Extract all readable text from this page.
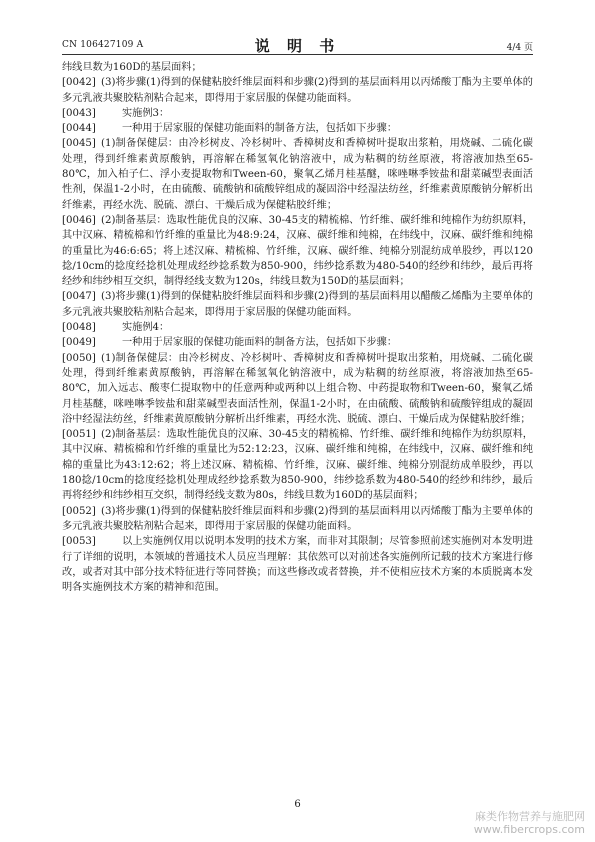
CN 106427109 A	说 明 书	4/4 页

纬线旦数为160D的基层面料；

[0042] (3)将步骤(1)得到的保健粘胶纤维层面料和步骤(2)得到的基层面料用以丙烯酸丁酯为主要单体的多元乳液共聚胶粘剂粘合起来，即得用于家居服的保健功能面料。

[0043]	实施例3：

[0044]	一种用于居家服的保健功能面料的制备方法，包括如下步骤：

[0045] (1)制备保健层：由冷杉树皮、冷杉树叶、香樟树皮和香樟树叶提取出浆粕，用烧碱、二硫化碳处理，得到纤维素黄原酸钠，再溶解在稀氢氧化钠溶液中，成为粘稠的纺丝原液，将溶液加热至65-80℃，加入柏子仁、浮小麦提取物和Tween-60，聚氧乙烯月桂基醚，咪唑啉季铵盐和甜菜碱型表面活性剂，保温1-2小时，在由硫酸、硫酸钠和硫酸锌组成的凝固浴中经湿法纺丝，纤维素黄原酸钠分解析出纤维素，再经水洗、脱硫、漂白、干燥后成为保健粘胶纤维；

[0046] (2)制备基层：选取性能优良的汉麻、30-45支的精梳棉、竹纤维、碳纤维和纯棉作为纺织原料，其中汉麻、精梳棉和竹纤维的重量比为48:9:24，汉麻、碳纤维和纯棉，在纬线中，汉麻、碳纤维和纯棉的重量比为46:6:65；将上述汉麻、精梳棉、竹纤维，汉麻、碳纤维、纯棉分别混纺成单股纱，再以120捻/10cm的捻度经捻机处理成经纱捻系数为850-900，纬纱捻系数为480-540的经纱和纬纱，最后再将经纱和纬纱相互交织，制得经线支数为120s，纬线旦数为150D的基层面料；

[0047] (3)将步骤(1)得到的保健粘胶纤维层面料和步骤(2)得到的基层面料用以醋酸乙烯酯为主要单体的多元乳液共聚胶粘剂粘合起来，即得用于家居服的保健功能面料。

[0048]	实施例4：

[0049]	一种用于居家服的保健功能面料的制备方法，包括如下步骤：

[0050] (1)制备保健层：由冷杉树皮、冷杉树叶、香樟树皮和香樟树叶提取出浆粕，用烧碱、二硫化碳处理，得到纤维素黄原酸钠，再溶解在稀氢氧化钠溶液中，成为粘稠的纺丝原液，将溶液加热至65-80℃，加入远志、酸枣仁提取物中的任意两种或两种以上组合物、中药提取物和Tween-60，聚氧乙烯月桂基醚，咪唑啉季铵盐和甜菜碱型表面活性剂，保温1-2小时，在由硫酸、硫酸钠和硫酸锌组成的凝固浴中经湿法纺丝，纤维素黄原酸钠分解析出纤维素，再经水洗、脱硫、漂白、干燥后成为保健粘胶纤维；

[0051] (2)制备基层：选取性能优良的汉麻、30-45支的精梳棉、竹纤维、碳纤维和纯棉作为纺织原料，其中汉麻、精梳棉和竹纤维的重量比为52:12:23，汉麻、碳纤维和纯棉，在纬线中，汉麻、碳纤维和纯棉的重量比为43:12:62；将上述汉麻、精梳棉、竹纤维，汉麻、碳纤维、纯棉分别混纺成单股纱，再以180捻/10cm的捻度经捻机处理成经纱捻系数为850-900，纬纱捻系数为480-540的经纱和纬纱，最后再将经纱和纬纱相互交织，制得经线支数为80s，纬线旦数为160D的基层面料；

[0052] (3)将步骤(1)得到的保健粘胶纤维层面料和步骤(2)得到的基层面料用以丙烯酸丁酯为主要单体的多元乳液共聚胶粘剂粘合起来，即得用于家居服的保健功能面料。

[0053]	以上实施例仅用以说明本发明的技术方案，而非对其限制；尽管参照前述实施例对本发明进行了详细的说明，本领域的普通技术人员应当理解：其依然可以对前述各实施例所记载的技术方案进行修改，或者对其中部分技术特征进行等同替换；而这些修改或者替换，并不使相应技术方案的本质脱离本发明各实施例技术方案的精神和范围。

6
麻类作物营养与施肥网
www.fibercrops.com
